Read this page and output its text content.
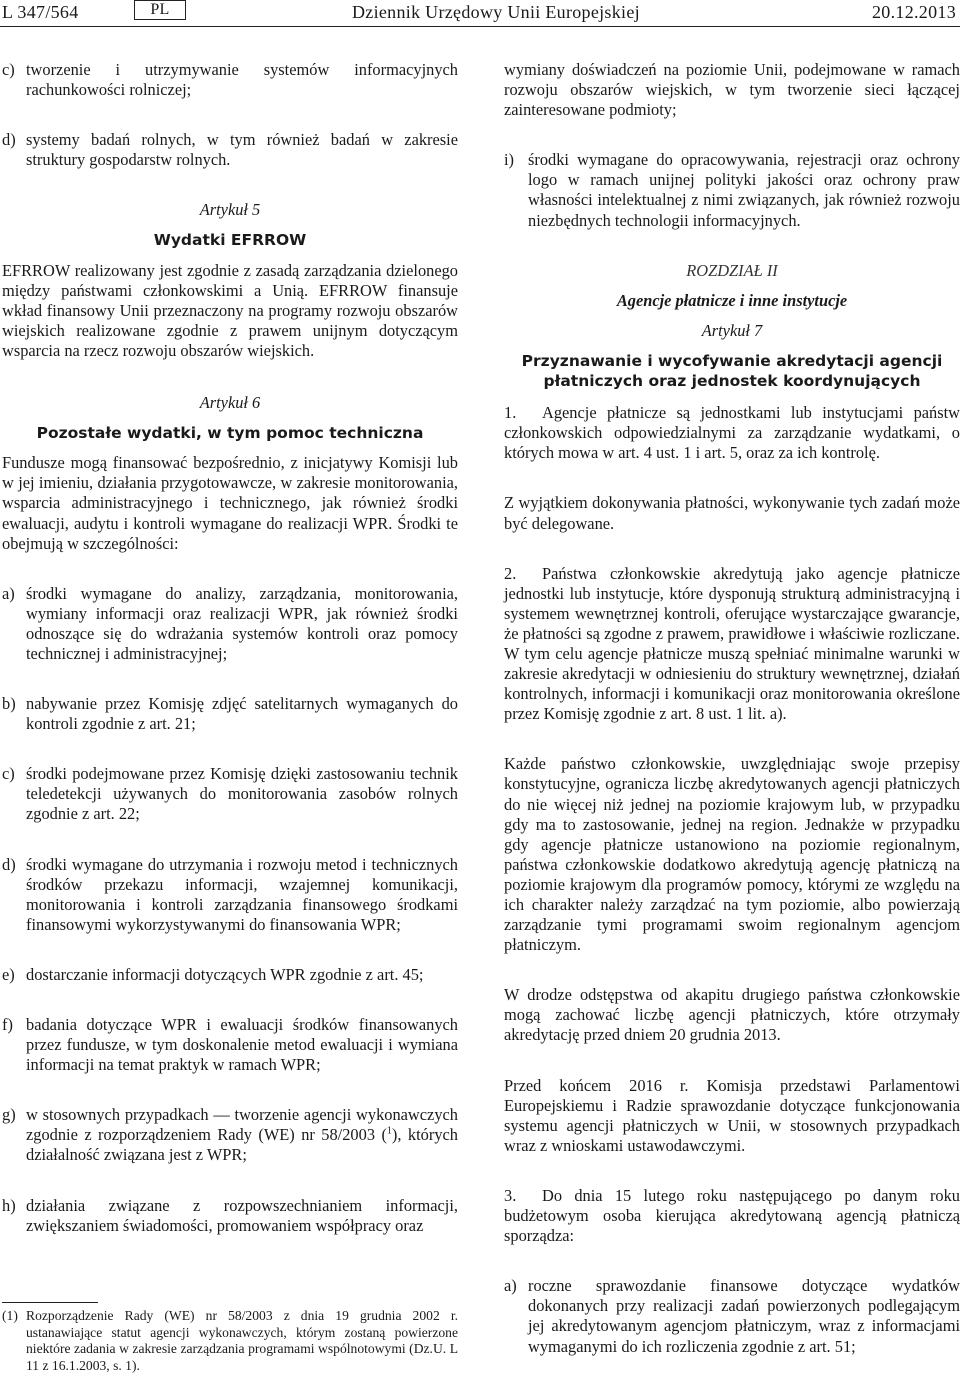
L 347/564	PL	Dziennik Urzędowy Unii Europejskiej	20.12.2013
c) tworzenie i utrzymywanie systemów informacyjnych rachunkowości rolniczej;
d) systemy badań rolnych, w tym również badań w zakresie struktury gospodarstw rolnych.

Artykuł 5

Wydatki EFRROW

EFRROW realizowany jest zgodnie z zasadą zarządzania dzielonego między państwami członkowskimi a Unią. EFRROW finansuje wkład finansowy Unii przeznaczony na programy rozwoju obszarów wiejskich realizowane zgodnie z prawem unijnym dotyczącym wsparcia na rzecz rozwoju obszarów wiejskich.

Artykuł 6

Pozostałe wydatki, w tym pomoc techniczna

Fundusze mogą finansować bezpośrednio, z inicjatywy Komisji lub w jej imieniu, działania przygotowawcze, w zakresie monitorowania, wsparcia administracyjnego i technicznego, jak również środki ewaluacji, audytu i kontroli wymagane do realizacji WPR. Środki te obejmują w szczególności:

a) środki wymagane do analizy, zarządzania, monitorowania, wymiany informacji oraz realizacji WPR, jak również środki odnoszące się do wdrażania systemów kontroli oraz pomocy technicznej i administracyjnej;
b) nabywanie przez Komisję zdjęć satelitarnych wymaganych do kontroli zgodnie z art. 21;
c) środki podejmowane przez Komisję dzięki zastosowaniu technik teledetekcji używanych do monitorowania zasobów rolnych zgodnie z art. 22;
d) środki wymagane do utrzymania i rozwoju metod i technicznych środków przekazu informacji, wzajemnej komunikacji, monitorowania i kontroli zarządzania finansowego środkami finansowymi wykorzystywanymi do finansowania WPR;
e) dostarczanie informacji dotyczących WPR zgodnie z art. 45;
f) badania dotyczące WPR i ewaluacji środków finansowanych przez fundusze, w tym doskonalenie metod ewaluacji i wymiana informacji na temat praktyk w ramach WPR;
g) w stosownych przypadkach — tworzenie agencji wykonawczych zgodnie z rozporządzeniem Rady (WE) nr 58/2003 ($^1$), których działalność związana jest z WPR;
h) działania związane z rozpowszechnianiem informacji, zwiększaniem świadomości, promowaniem współpracy oraz
(1) Rozporządzenie Rady (WE) nr 58/2003 z dnia 19 grudnia 2002 r. ustanawiające statut agencji wykonawczych, którym zostaną powierzone niektóre zadania w zakresie zarządzania programami wspólnotowymi (Dz.U. L 11 z 16.1.2003, s. 1).

wymiany doświadczeń na poziomie Unii, podejmowane w ramach rozwoju obszarów wiejskich, w tym tworzenie sieci łączącej zainteresowane podmioty;

i) środki wymagane do opracowywania, rejestracji oraz ochrony logo w ramach unijnej polityki jakości oraz ochrony praw własności intelektualnej z nimi związanych, jak również rozwoju niezbędnych technologii informacyjnych.

ROZDZIAŁ II

Agencje płatnicze i inne instytucje

Artykuł 7

Przyznawanie i wycofywanie akredytacji agencji płatniczych oraz jednostek koordynujących

1. Agencje płatnicze są jednostkami lub instytucjami państw członkowskich odpowiedzialnymi za zarządzanie wydatkami, o których mowa w art. 4 ust. 1 i art. 5, oraz za ich kontrolę.

Z wyjątkiem dokonywania płatności, wykonywanie tych zadań może być delegowane.

2. Państwa członkowskie akredytują jako agencje płatnicze jednostki lub instytucje, które dysponują strukturą administracyjną i systemem wewnętrznej kontroli, oferujące wystarczające gwarancje, że płatności są zgodne z prawem, prawidłowe i właściwie rozliczane. W tym celu agencje płatnicze muszą spełniać minimalne warunki w zakresie akredytacji w odniesieniu do struktury wewnętrznej, działań kontrolnych, informacji i komunikacji oraz monitorowania określone przez Komisję zgodnie z art. 8 ust. 1 lit. a).

Każde państwo członkowskie, uwzględniając swoje przepisy konstytucyjne, ogranicza liczbę akredytowanych agencji płatniczych do nie więcej niż jednej na poziomie krajowym lub, w przypadku gdy ma to zastosowanie, jednej na region. Jednakże w przypadku gdy agencje płatnicze ustanowiono na poziomie regionalnym, państwa członkowskie dodatkowo akredytują agencję płatniczą na poziomie krajowym dla programów pomocy, którymi ze względu na ich charakter należy zarządzać na tym poziomie, albo powierzają zarządzanie tymi programami swoim regionalnym agencjom płatniczym.

W drodze odstępstwa od akapitu drugiego państwa członkowskie mogą zachować liczbę agencji płatniczych, które otrzymały akredytację przed dniem 20 grudnia 2013.

Przed końcem 2016 r. Komisja przedstawi Parlamentowi Europejskiemu i Radzie sprawozdanie dotyczące funkcjonowania systemu agencji płatniczych w Unii, w stosownych przypadkach wraz z wnioskami ustawodawczymi.

3. Do dnia 15 lutego roku następującego po danym roku budżetowym osoba kierująca akredytowaną agencją płatniczą sporządza:

a) roczne sprawozdanie finansowe dotyczące wydatków dokonanych przy realizacji zadań powierzonych podlegającym jej akredytowanym agencjom płatniczym, wraz z informacjami wymaganymi do ich rozliczenia zgodnie z art. 51;
